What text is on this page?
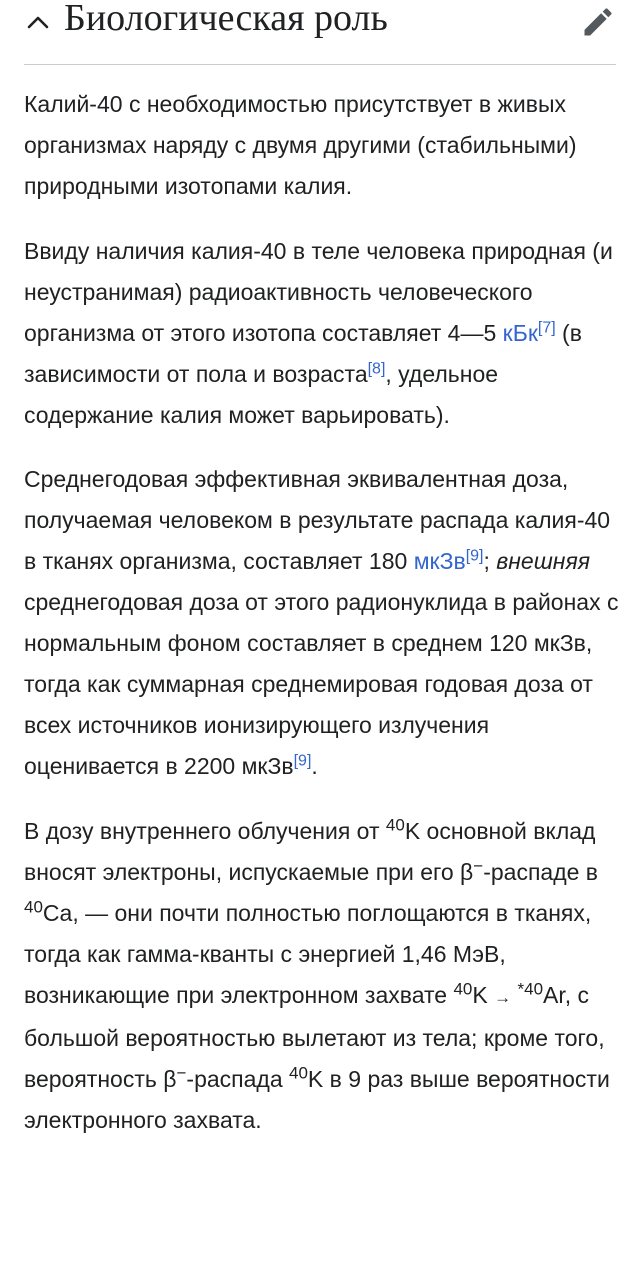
Биологическая роль

Калий-40 с необходимостью присутствует в живых организмах наряду с двумя другими (стабильными) природными изотопами калия.

Ввиду наличия калия-40 в теле человека природная (и неустранимая) радиоактивность человеческого организма от этого изотопа составляет 4—5 кБк[7] (в зависимости от пола и возраста[8], удельное содержание калия может варьировать).

Среднегодовая эффективная эквивалентная доза, получаемая человеком в результате распада калия-40 в тканях организма, составляет 180 мкЗв[9]; внешняя среднегодовая доза от этого радионуклида в районах с нормальным фоном составляет в среднем 120 мкЗв, тогда как суммарная среднемировая годовая доза от всех источников ионизирующего излучения оценивается в 2200 мкЗв[9].

В дозу внутреннего облучения от $^{40}$K основной вклад вносят электроны, испускаемые при его β−-распаде в $^{40}$Ca, — они почти полностью поглощаются в тканях, тогда как гамма-кванты с энергией 1,46 МэВ, возникающие при электронном захвате $^{40}$K → $^{*40}$Ar, с большой вероятностью вылетают из тела; кроме того, вероятность β−-распада $^{40}$K в 9 раз выше вероятности электронного захвата.
